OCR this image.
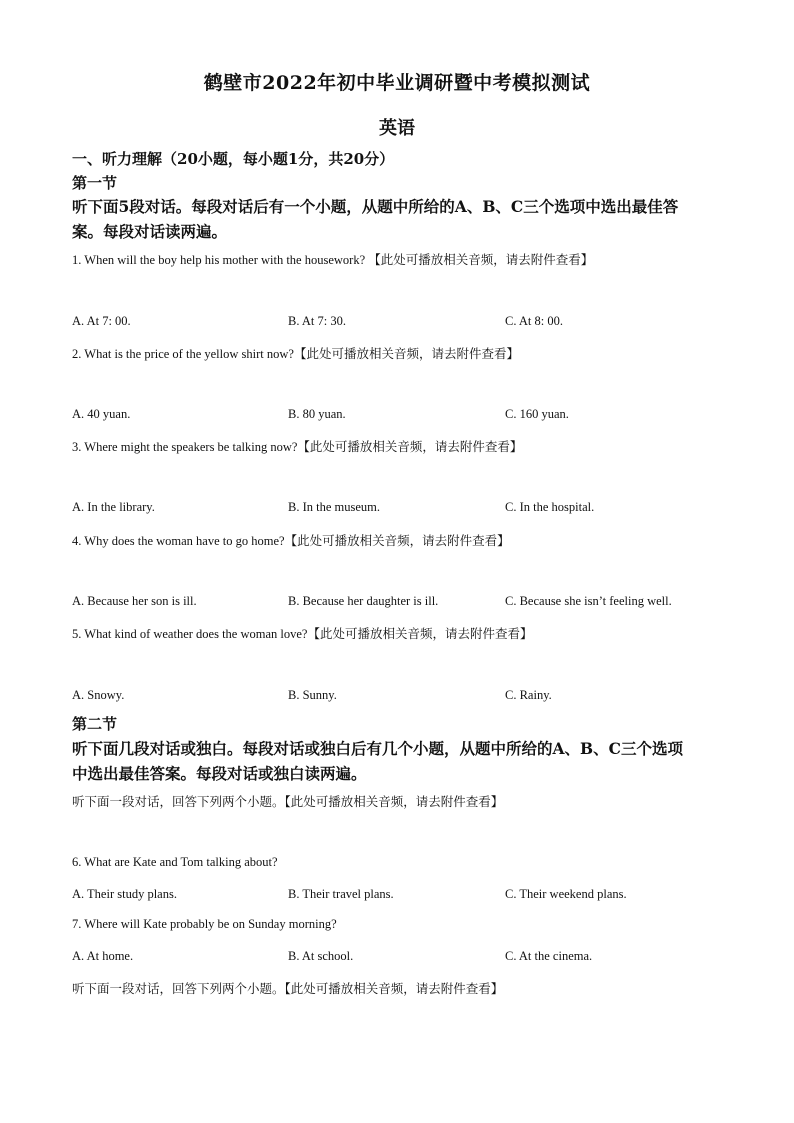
鹤壁市2022年初中毕业调研暨中考模拟测试
英语
一、听力理解（20小题，每小题1分，共20分）
第一节
听下面5段对话。每段对话后有一个小题，从题中所给的A、B、C三个选项中选出最佳答
案。每段对话读两遍。
1. When will the boy help his mother with the housework? 【此处可播放相关音频，请去附件查看】
A. At 7: 00.	B. At 7: 30.	C. At 8: 00.
2. What is the price of the yellow shirt now?【此处可播放相关音频，请去附件查看】
A. 40 yuan.	B. 80 yuan.	C. 160 yuan.
3. Where might the speakers be talking now?【此处可播放相关音频，请去附件查看】
A. In the library.	B. In the museum.	C. In the hospital.
4. Why does the woman have to go home?【此处可播放相关音频，请去附件查看】
A. Because her son is ill.	B. Because her daughter is ill.	C. Because she isn’t feeling well.
5. What kind of weather does the woman love?【此处可播放相关音频，请去附件查看】
A. Snowy.	B. Sunny.	C. Rainy.
第二节
听下面几段对话或独白。每段对话或独白后有几个小题，从题中所给的A、B、C三个选项
中选出最佳答案。每段对话或独白读两遍。
听下面一段对话，回答下列两个小题。【此处可播放相关音频，请去附件查看】
6. What are Kate and Tom talking about?
A. Their study plans.	B. Their travel plans.	C. Their weekend plans.
7. Where will Kate probably be on Sunday morning?
A. At home.	B. At school.	C. At the cinema.
听下面一段对话，回答下列两个小题。【此处可播放相关音频，请去附件查看】
